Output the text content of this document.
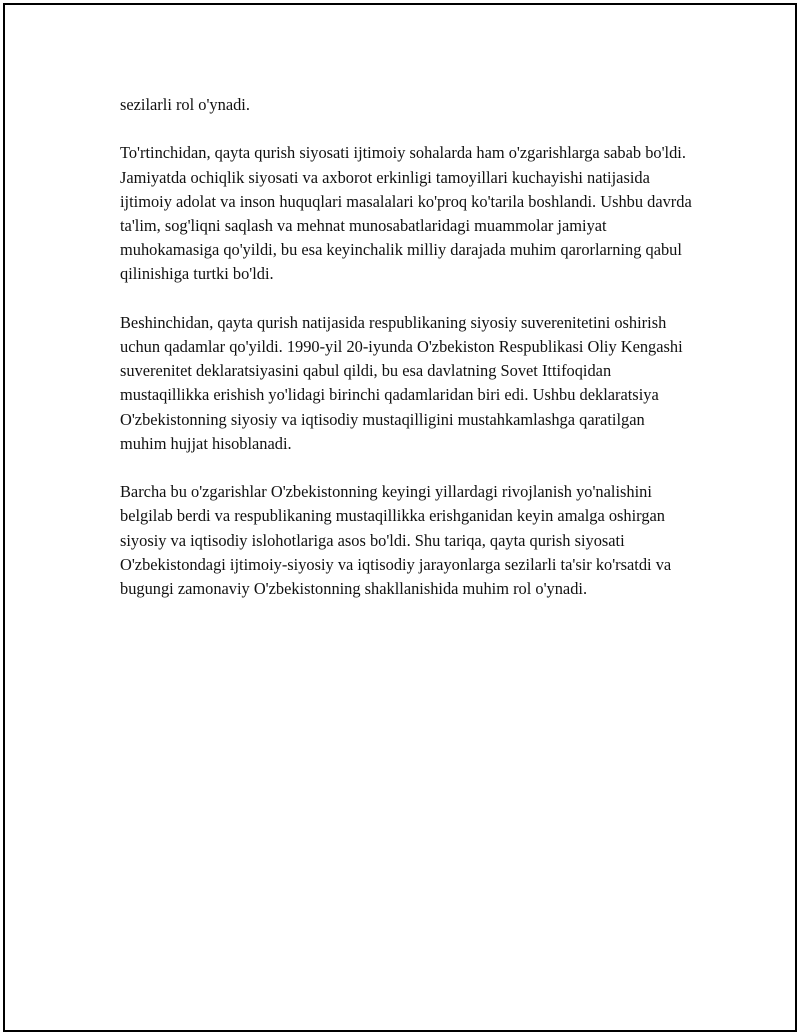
sezilarli rol o'ynadi.

To'rtinchidan, qayta qurish siyosati ijtimoiy sohalarda ham o'zgarishlarga sabab bo'ldi. Jamiyatda ochiqlik siyosati va axborot erkinligi tamoyillari kuchayishi natijasida ijtimoiy adolat va inson huquqlari masalalari ko'proq ko'tarila boshlandi. Ushbu davrda ta'lim, sog'liqni saqlash va mehnat munosabatlaridagi muammolar jamiyat muhokamasiga qo'yildi, bu esa keyinchalik milliy darajada muhim qarorlarning qabul qilinishiga turtki bo'ldi.

Beshinchidan, qayta qurish natijasida respublikaning siyosiy suverenitetini oshirish uchun qadamlar qo'yildi. 1990-yil 20-iyunda O'zbekiston Respublikasi Oliy Kengashi suverenitet deklaratsiyasini qabul qildi, bu esa davlatning Sovet Ittifoqidan mustaqillikka erishish yo'lidagi birinchi qadamlaridan biri edi. Ushbu deklaratsiya O'zbekistonning siyosiy va iqtisodiy mustaqilligini mustahkamlashga qaratilgan muhim hujjat hisoblanadi.

Barcha bu o'zgarishlar O'zbekistonning keyingi yillardagi rivojlanish yo'nalishini belgilab berdi va respublikaning mustaqillikka erishganidan keyin amalga oshirgan siyosiy va iqtisodiy islohotlariga asos bo'ldi. Shu tariqa, qayta qurish siyosati O'zbekistondagi ijtimoiy-siyosiy va iqtisodiy jarayonlarga sezilarli ta'sir ko'rsatdi va bugungi zamonaviy O'zbekistonning shakllanishida muhim rol o'ynadi.
